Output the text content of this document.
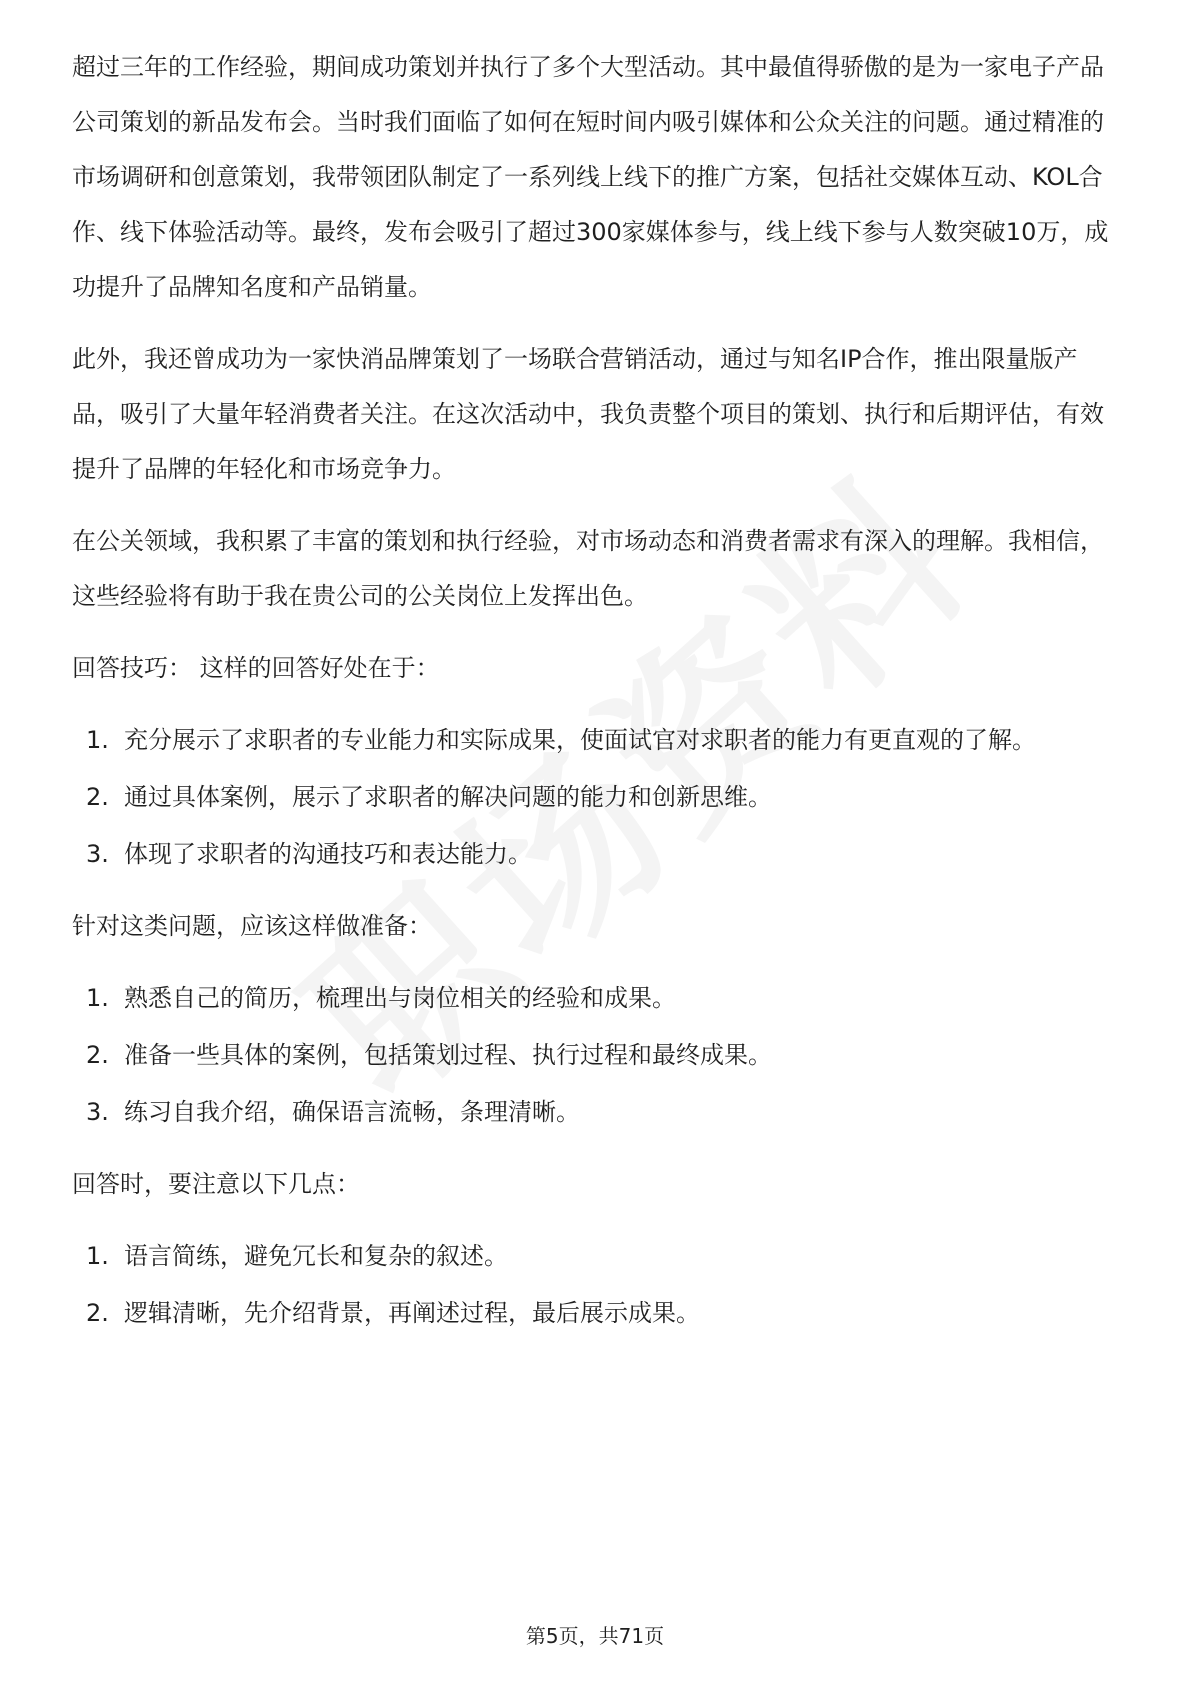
超过三年的工作经验，期间成功策划并执行了多个大型活动。其中最值得骄傲的是为一家电子产品公司策划的新品发布会。当时我们面临了如何在短时间内吸引媒体和公众关注的问题。通过精准的市场调研和创意策划，我带领团队制定了一系列线上线下的推广方案，包括社交媒体互动、KOL合作、线下体验活动等。最终，发布会吸引了超过300家媒体参与，线上线下参与人数突破10万，成功提升了品牌知名度和产品销量。

此外，我还曾成功为一家快消品牌策划了一场联合营销活动，通过与知名IP合作，推出限量版产品，吸引了大量年轻消费者关注。在这次活动中，我负责整个项目的策划、执行和后期评估，有效提升了品牌的年轻化和市场竞争力。

在公关领域，我积累了丰富的策划和执行经验，对市场动态和消费者需求有深入的理解。我相信，这些经验将有助于我在贵公司的公关岗位上发挥出色。

回答技巧： 这样的回答好处在于：

1. 充分展示了求职者的专业能力和实际成果，使面试官对求职者的能力有更直观的了解。
2. 通过具体案例，展示了求职者的解决问题的能力和创新思维。
3. 体现了求职者的沟通技巧和表达能力。

针对这类问题，应该这样做准备：

1. 熟悉自己的简历，梳理出与岗位相关的经验和成果。
2. 准备一些具体的案例，包括策划过程、执行过程和最终成果。
3. 练习自我介绍，确保语言流畅，条理清晰。

回答时，要注意以下几点：

1. 语言简练，避免冗长和复杂的叙述。
2. 逻辑清晰，先介绍背景，再阐述过程，最后展示成果。
第5页，共71页
